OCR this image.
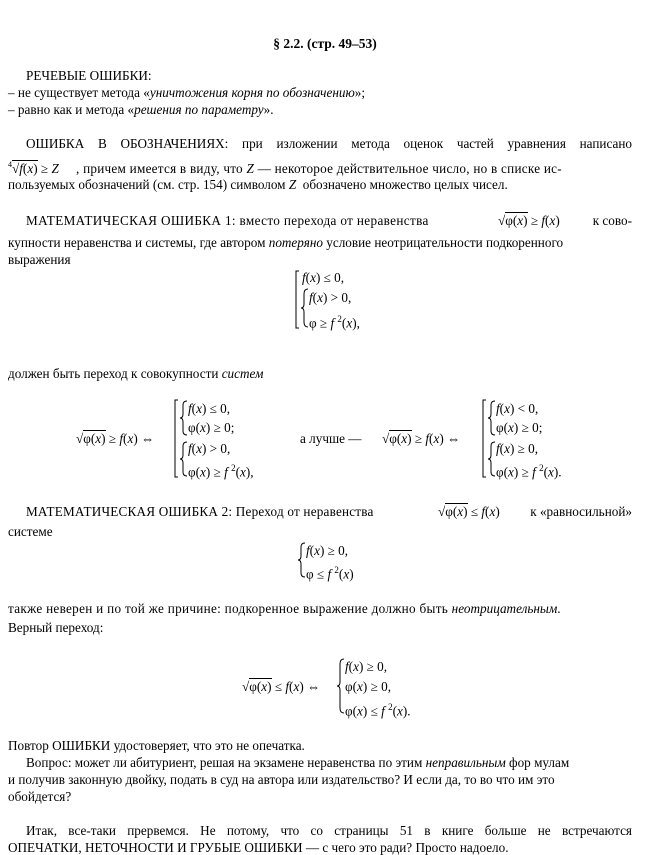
§ 2.2. (стр. 49–53)
РЕЧЕВЫЕ ОШИБКИ:
– не существует метода «уничтожения корня по обозначению»;
– равно как и метода «решения по параметру».
ОШИБКА В ОБОЗНАЧЕНИЯХ: при изложении метода оценок частей уравнения написано
$^4$√f(x) ≥ Z , причем имеется в виду, что Z — некоторое действительное число, но в списке ис-
пользуемых обозначений (см. стр. 154) символом Z  обозначено множество целых чисел.
МАТЕМАТИЧЕСКАЯ ОШИБКА 1: вместо перехода от неравенства	√φ(x) ≥ f(x)	к сово-
купности неравенства и системы, где автором потеряно условие неотрицательности подкоренного
выражения
f(x) ≤ 0,
f(x) > 0,
φ ≥ f $^2$(x),
должен быть переход к совокупности систем
√φ(x) ≥ f(x) ⇔
f(x) ≤ 0,
φ(x) ≥ 0;
f(x) > 0,
φ(x) ≥ f $^2$(x),
а лучше — √φ(x) ≥ f(x) ⇔
f(x) < 0,
φ(x) ≥ 0;
f(x) ≥ 0,
φ(x) ≥ f $^2$(x).
МАТЕМАТИЧЕСКАЯ ОШИБКА 2: Переход от неравенства	√φ(x) ≤ f(x) к «равносильной»
системе
f(x) ≥ 0,
φ ≤ f $^2$(x)
также неверен и по той же причине: подкоренное выражение должно быть неотрицательным.
Верный переход:
√φ(x) ≤ f(x) ⇔
f(x) ≥ 0,
φ(x) ≥ 0,
φ(x) ≤ f $^2$(x).
Повтор ОШИБКИ удостоверяет, что это не опечатка.
Вопрос: может ли абитуриент, решая на экзамене неравенства по этим неправильным фор мулам
и получив законную двойку, подать в суд на автора или издательство? И если да, то во что им это
обойдется?
Итак, все-таки прервемся. Не потому, что со страницы 51 в книге больше не встречаются
ОПЕЧАТКИ, НЕТОЧНОСТИ И ГРУБЫЕ ОШИБКИ — с чего это ради? Просто надоело.
